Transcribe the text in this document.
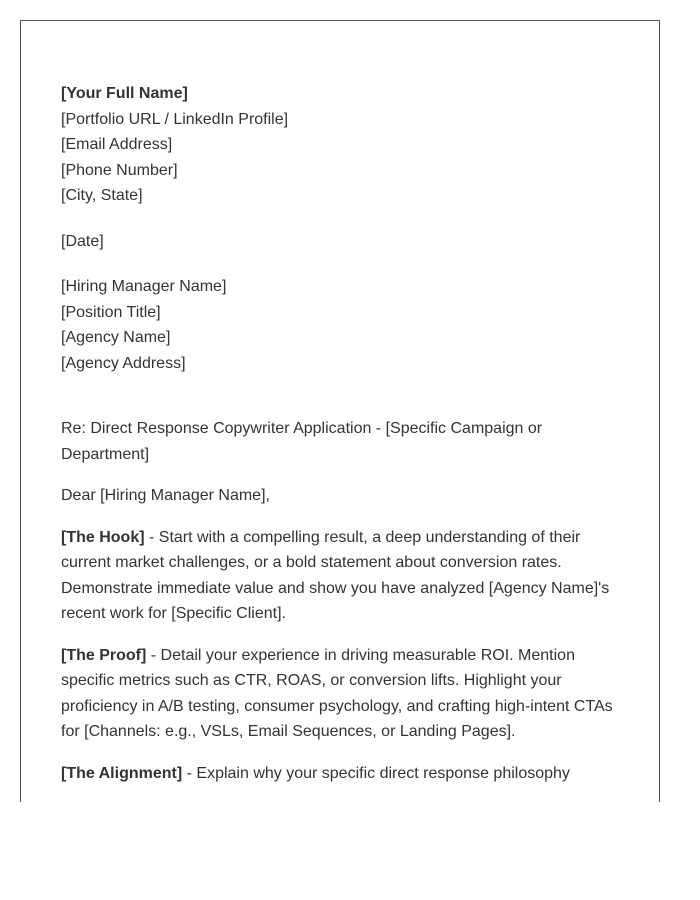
[Your Full Name]
[Portfolio URL / LinkedIn Profile]
[Email Address]
[Phone Number]
[City, State]
[Date]
[Hiring Manager Name]
[Position Title]
[Agency Name]
[Agency Address]

Re: Direct Response Copywriter Application - [Specific Campaign or Department]

Dear [Hiring Manager Name],

[The Hook] - Start with a compelling result, a deep understanding of their current market challenges, or a bold statement about conversion rates. Demonstrate immediate value and show you have analyzed [Agency Name]'s recent work for [Specific Client].

[The Proof] - Detail your experience in driving measurable ROI. Mention specific metrics such as CTR, ROAS, or conversion lifts. Highlight your proficiency in A/B testing, consumer psychology, and crafting high-intent CTAs for [Channels: e.g., VSLs, Email Sequences, or Landing Pages].

[The Alignment] - Explain why your specific direct response philosophy
